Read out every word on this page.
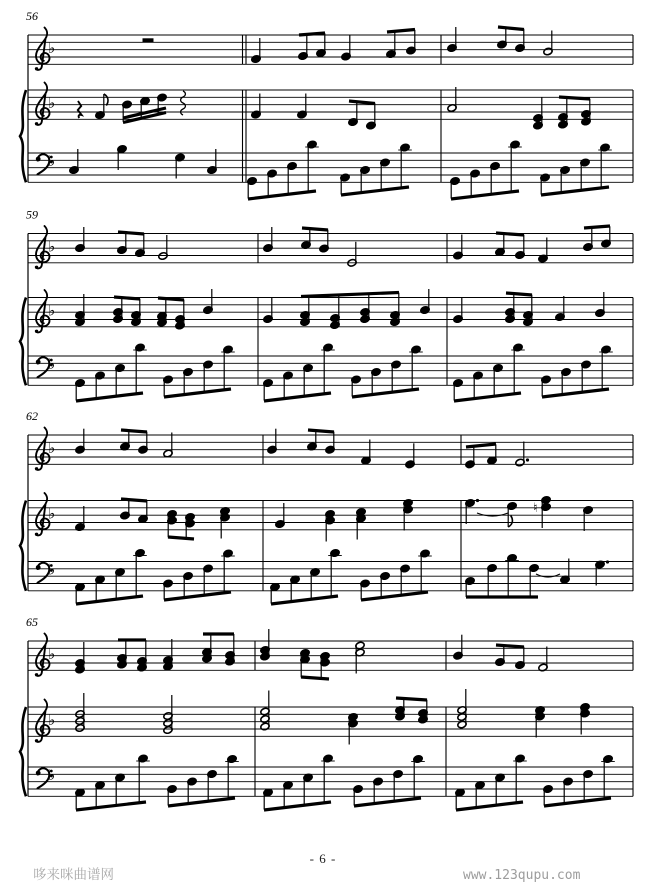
56
♭
♭
♭
59
♭
♭
♭
62
♭
♭
♭
♮
65
♭
♭
♭
- 6 -
哆来咪曲谱网	www.123qupu.com
